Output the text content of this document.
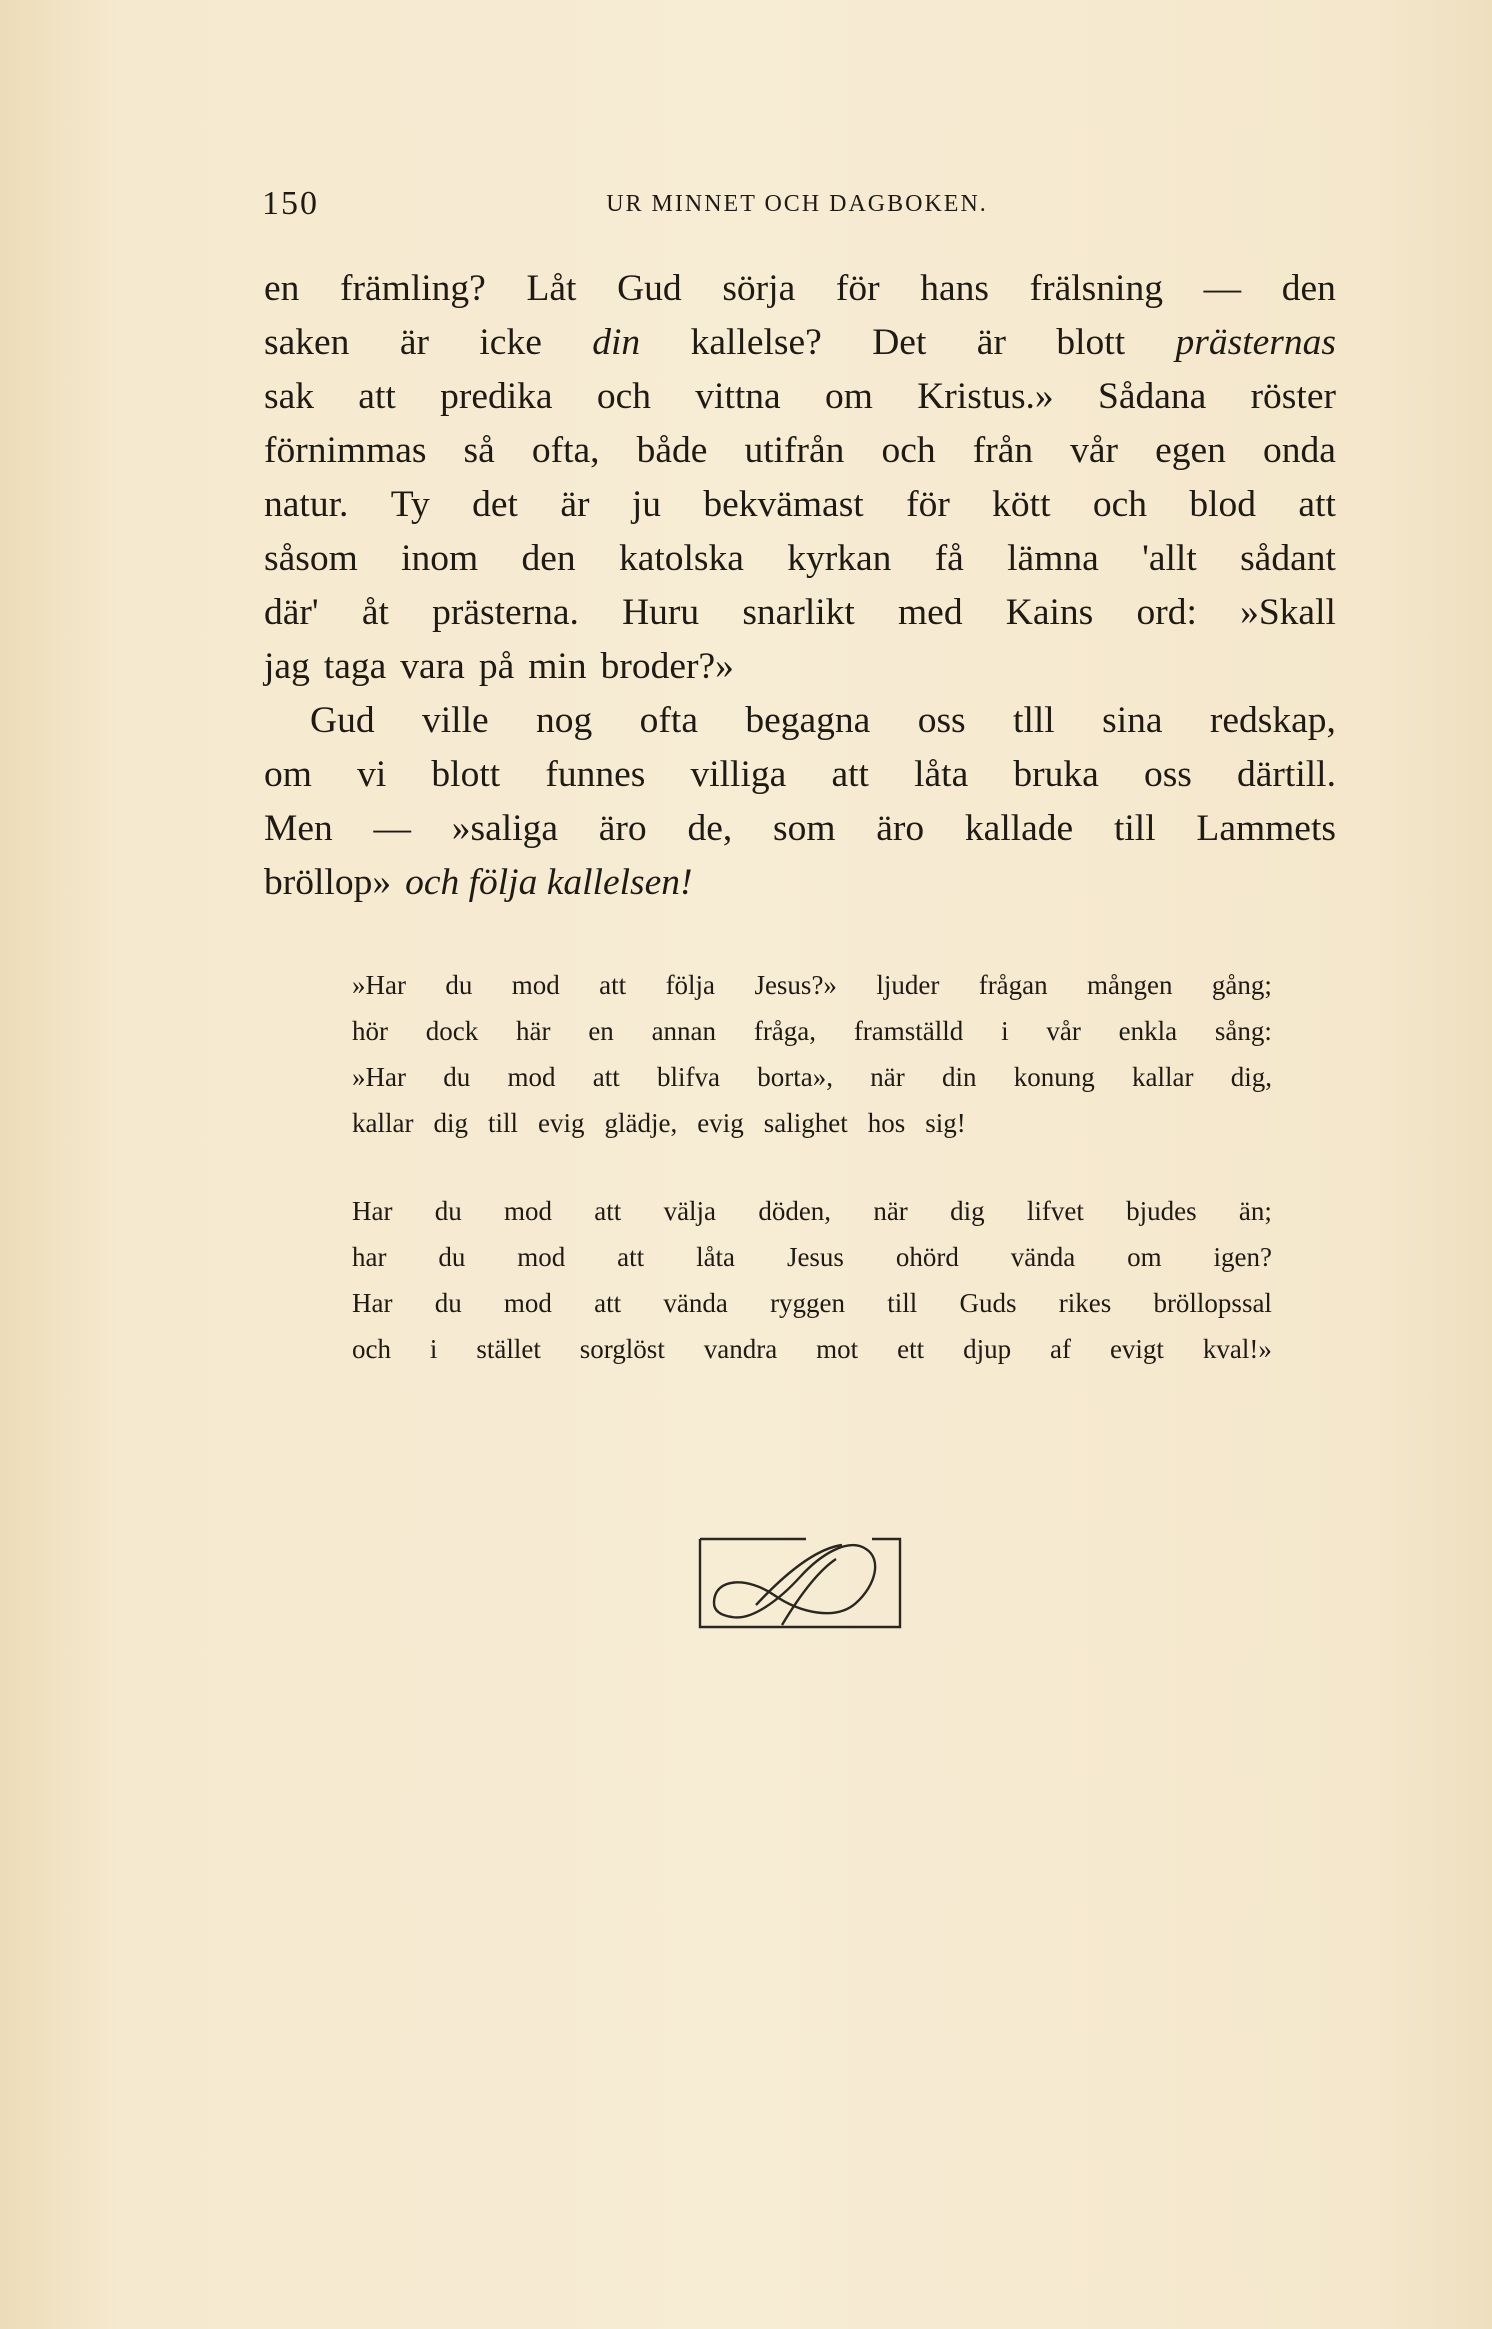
150	UR MINNET OCH DAGBOKEN.
en främling? Låt Gud sörja för hans frälsning — den
saken är icke din kallelse? Det är blott prästernas
sak att predika och vittna om Kristus.» Sådana röster
förnimmas så ofta, både utifrån och från vår egen onda
natur. Ty det är ju bekvämast för kött och blod att
såsom inom den katolska kyrkan få lämna 'allt sådant
där' åt prästerna. Huru snarlikt med Kains ord: »Skall
jag taga vara på min broder?»
Gud ville nog ofta begagna oss tlll sina redskap,
om vi blott funnes villiga att låta bruka oss därtill.
Men — »saliga äro de, som äro kallade till Lammets
bröllop» och följa kallelsen!
»Har du mod att följa Jesus?» ljuder frågan mången gång;
hör dock här en annan fråga, framställd i vår enkla sång:
»Har du mod att blifva borta», när din konung kallar dig,
kallar dig till evig glädje, evig salighet hos sig!
Har du mod att välja döden, när dig lifvet bjudes än;
har du mod att låta Jesus ohörd vända om igen?
Har du mod att vända ryggen till Guds rikes bröllopssal
och i stället sorglöst vandra mot ett djup af evigt kval!»
